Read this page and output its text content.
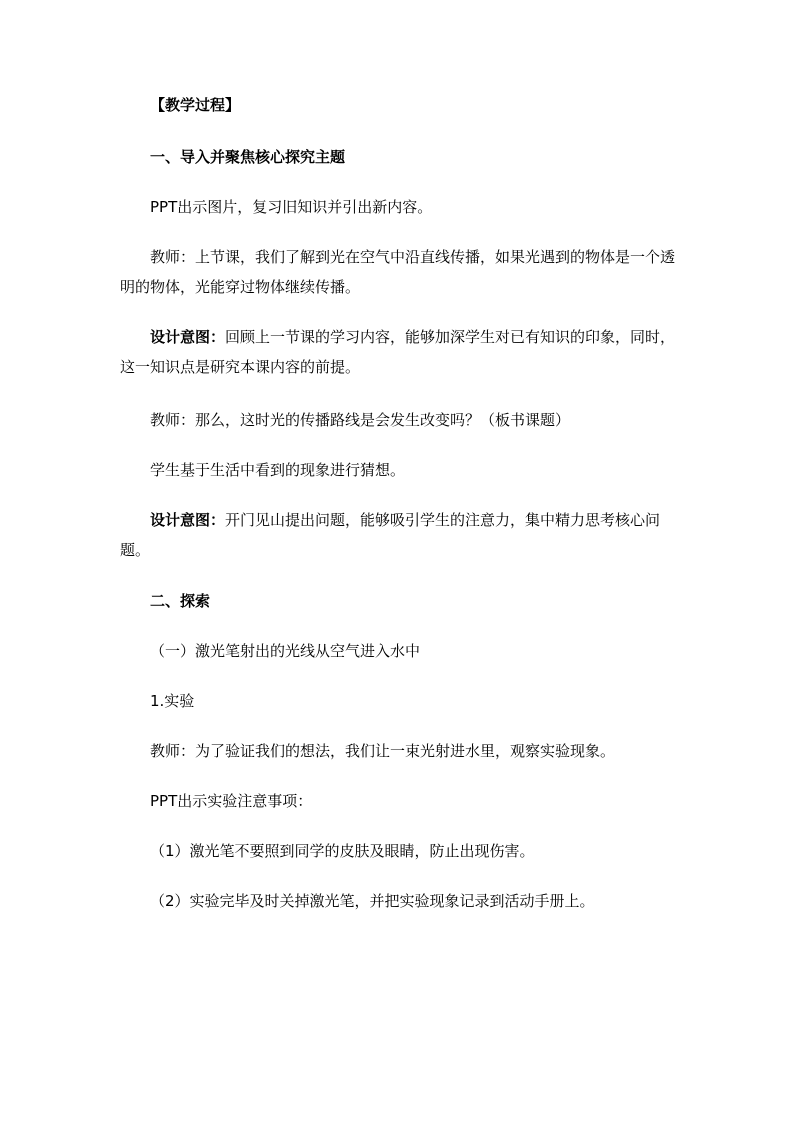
【教学过程】

一、导入并聚焦核心探究主题

PPT出示图片，复习旧知识并引出新内容。

教师：上节课，我们了解到光在空气中沿直线传播，如果光遇到的物体是一个透明的物体，光能穿过物体继续传播。

设计意图：回顾上一节课的学习内容，能够加深学生对已有知识的印象，同时，这一知识点是研究本课内容的前提。

教师：那么，这时光的传播路线是会发生改变吗？（板书课题）

学生基于生活中看到的现象进行猜想。

设计意图：开门见山提出问题，能够吸引学生的注意力，集中精力思考核心问题。

二、探索

（一）激光笔射出的光线从空气进入水中

1.实验

教师：为了验证我们的想法，我们让一束光射进水里，观察实验现象。

PPT出示实验注意事项：

（1）激光笔不要照到同学的皮肤及眼睛，防止出现伤害。

（2）实验完毕及时关掉激光笔，并把实验现象记录到活动手册上。
